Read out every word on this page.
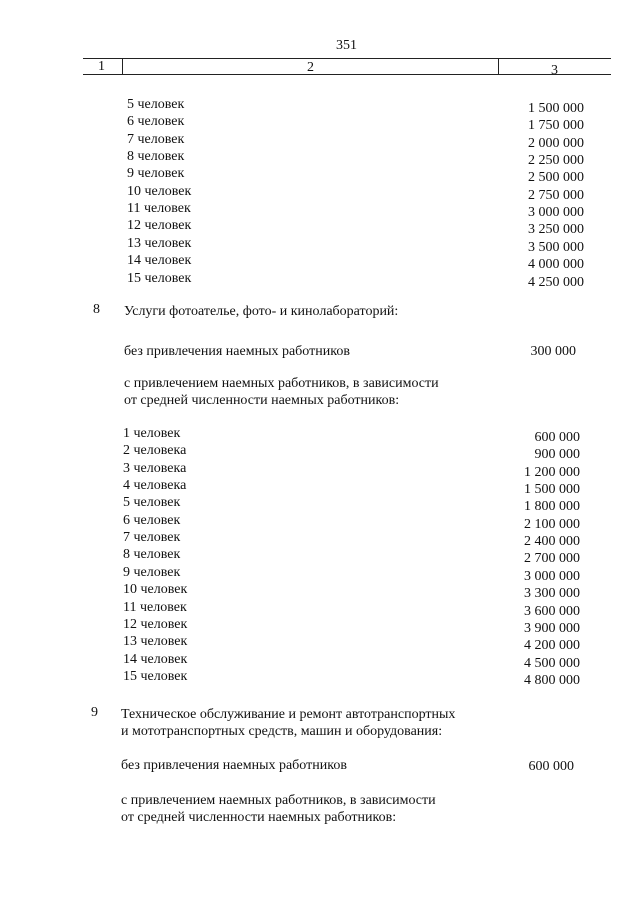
351
1	2	3
5 человек	1 500 000
6 человек	1 750 000
7 человек	2 000 000
8 человек	2 250 000
9 человек	2 500 000
10 человек	2 750 000
11 человек	3 000 000
12 человек	3 250 000
13 человек	3 500 000
14 человек	4 000 000
15 человек	4 250 000
8 Услуги фотоателье, фото- и кинолабораторий:
без привлечения наемных работников	300 000
с привлечением наемных работников, в зависимости
от средней численности наемных работников:
1 человек	600 000
2 человека	900 000
3 человека	1 200 000
4 человека	1 500 000
5 человек	1 800 000
6 человек	2 100 000
7 человек	2 400 000
8 человек	2 700 000
9 человек	3 000 000
10 человек	3 300 000
11 человек	3 600 000
12 человек	3 900 000
13 человек	4 200 000
14 человек	4 500 000
15 человек	4 800 000
9 Техническое обслуживание и ремонт автотранспортных
и мототранспортных средств, машин и оборудования:
без привлечения наемных работников	600 000
с привлечением наемных работников, в зависимости
от средней численности наемных работников:
